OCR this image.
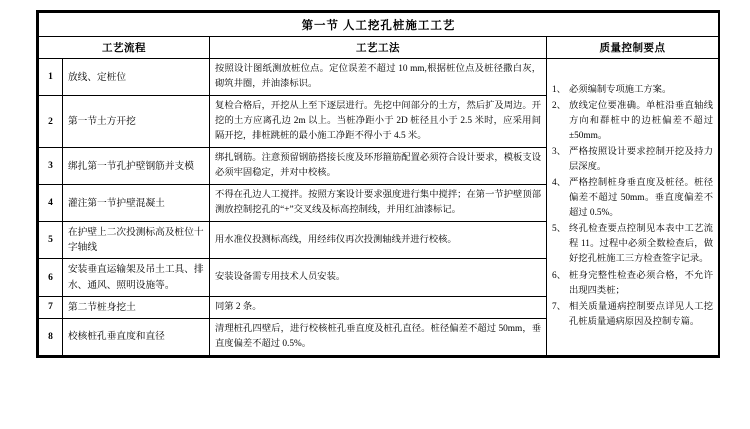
第一节 人工挖孔桩施工工艺			
工艺流程		工艺工法	质量控制要点
1	放线、定桩位	按照设计图纸测放桩位点。定位误差不超过 10 mm,根据桩位点及桩径撒白灰，砌筑井圈，并油漆标识。	
1、 必须编制专项施工方案。
2、 放线定位要准确。单桩沿垂直轴线方向和群桩中的边桩偏差不超过 ±50mm。
3、 严格按照设计要求控制开挖及持力层深度。
4、 严格控制桩身垂直度及桩径。桩径偏差不超过 50mm。垂直度偏差不超过 0.5%。
5、 终孔检查要点控制见本表中工艺流程 11。过程中必须全数检查后，做好挖孔桩施工三方检查签字记录。
6、 桩身完整性检查必须合格，不允许出现四类桩；
7、 相关质量通病控制要点详见人工挖孔桩质量通病原因及控制专篇。

2	第一节土方开挖	复检合格后，开挖从上至下逐层进行。先挖中间部分的土方，然后扩及周边。开挖的土方应离孔边 2m 以上。当桩净距小于 2D 桩径且小于 2.5 米时，应采用间隔开挖，排桩跳桩的最小施工净距不得小于 4.5 米。	
3	绑扎第一节孔护壁钢筋并支模	绑扎钢筋。注意预留钢筋搭接长度及环形箍筋配置必须符合设计要求，模板支设必须牢固稳定，并对中校核。	
4	灌注第一节护壁混凝土	不得在孔边人工搅拌。按照方案设计要求强度进行集中搅拌；在第一节护壁顶部测放控制挖孔的“+”交叉线及标高控制线，并用红油漆标记。	
5	在护壁上二次投测标高及桩位十字轴线	用水准仪投测标高线，用经纬仪再次投测轴线并进行校核。	
6	安装垂直运输架及吊土工具、排水、通风、照明设施等。	安装设备需专用技术人员安装。	
7	第二节桩身挖土	同第 2 条。	
8	校核桩孔垂直度和直径	清理桩孔四壁后，进行校核桩孔垂直度及桩孔直径。桩径偏差不超过 50mm，垂直度偏差不超过 0.5%。	
